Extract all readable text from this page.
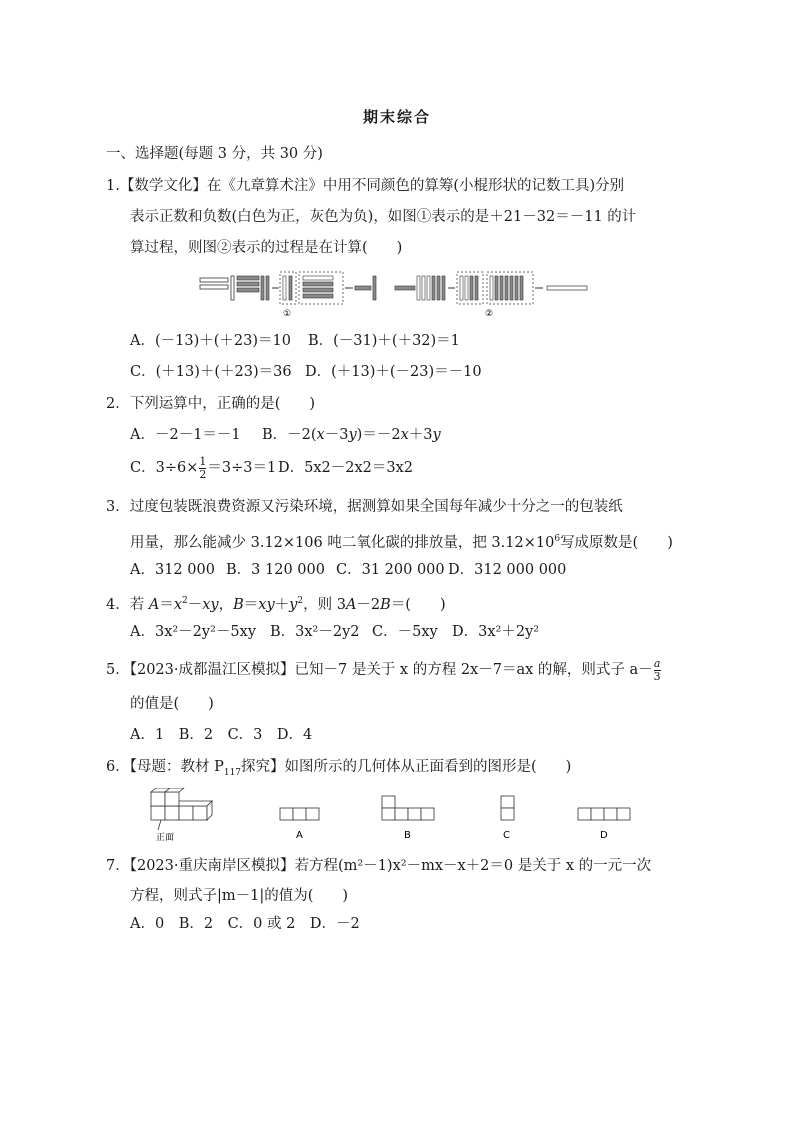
期末综合
一、选择题(每题 3 分，共 30 分)
1.【数学文化】在《九章算术注》中用不同颜色的算筹(小棍形状的记数工具)分别
表示正数和负数(白色为正，灰色为负)，如图①表示的是＋21－32＝－11 的计
算过程，则图②表示的过程是在计算(　　)
①	②
A．(－13)＋(＋23)＝10 B．(－31)＋(＋32)＝1
C．(＋13)＋(＋23)＝36 D．(＋13)＋(－23)＝－10
2．下列运算中，正确的是(　　)
A．－2－1＝－1 B．－2(x－3y)＝－2x＋3y
C．$3\div 6\times \frac{1}{2} =3\div 3=1$ D．5x2－2x2＝3x2
3．过度包装既浪费资源又污染环境，据测算如果全国每年减少十分之一的包装纸
用量，那么能减少 3.12×106 吨二氧化碳的排放量，把 $3.12\times 10^6$写成原数是(　　)
A．312 000 B．3 120 000 C．31 200 000 D．312 000 000
4．若 $A=x^2-xy$，$B=xy+y^2$，则 3A－2B＝(　　)
A．3x²－2y²－5xy B．3x²－2y2 C．－5xy D．3x²＋2y²
5．【2023·成都温江区模拟】已知－7 是关于 x 的方程 2x－7＝ax 的解，则式子 $a- \frac{a}{3}$
的值是(　　)
A．1　B．2　C．3　D．4
6．【母题：教材 $P_{117}$探究】如图所示的几何体从正面看到的图形是(　　)
正面	A	B	C	D
7．【2023·重庆南岸区模拟】若方程(m²－1)x²－mx－x＋2＝0 是关于 x 的一元一次
方程，则式子|m－1|的值为(　　)
A．0　B．2　C．0 或 2　D．－2
